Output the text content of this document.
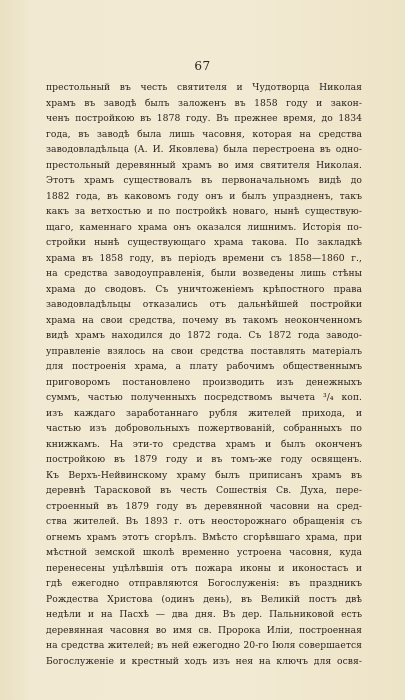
67
престольный въ честь святителя и Чудотворца Николая
храмъ въ заводѣ былъ заложенъ въ 1858 году и закон-
ченъ постройкою въ 1878 году. Въ прежнее время, до 1834
года, въ заводѣ была лишь часовня, которая на средства
заводовладѣльца (А. И. Яковлева) была перестроена въ одно-
престольный деревянный храмъ во имя святителя Николая.
Этотъ храмъ существовалъ въ первоначальномъ видѣ до
1882 года, въ каковомъ году онъ и былъ упраздненъ, такъ
какъ за ветхостью и по постройкѣ новаго, нынѣ существую-
щаго, каменнаго храма онъ оказался лишнимъ. Исторія по-
стройки нынѣ существующаго храма такова. По закладкѣ
храма въ 1858 году, въ періодъ времени съ 1858—1860 г.,
на средства заводоуправленія, были возведены лишь стѣны
храма до сводовъ. Съ уничтоженіемъ крѣпостного права
заводовладѣльцы отказались отъ дальнѣйшей постройки
храма на свои средства, почему въ такомъ неоконченномъ
видѣ храмъ находился до 1872 года. Съ 1872 года заводо-
управленіе взялось на свои средства поставлять матеріалъ
для построенія храма, а плату рабочимъ общественнымъ
приговоромъ постановлено производить изъ денежныхъ
суммъ, частью полученныхъ посредствомъ вычета ³/₄ коп.
изъ каждаго заработаннаго рубля жителей прихода, и
частью изъ добровольныхъ пожертвованій, собранныхъ по
книжкамъ. На эти-то средства храмъ и былъ оконченъ
постройкою въ 1879 году и въ томъ-же году освященъ.
Къ Верхъ-Нейвинскому храму былъ приписанъ храмъ въ
деревнѣ Тарасковой въ честь Сошествія Св. Духа, пере-
строенный въ 1879 году въ деревянной часовни на сред-
ства жителей. Въ 1893 г. отъ неосторожнаго обращенія съ
огнемъ храмъ этотъ сгорѣлъ. Вмѣсто сгорѣвшаго храма, при
мѣстной земской школѣ временно устроена часовня, куда
перенесены уцѣлѣвшія отъ пожара иконы и иконостасъ и
гдѣ ежегодно отправляются Богослуженія: въ праздникъ
Рождества Христова (одинъ день), въ Великій постъ двѣ
недѣли и на Пасхѣ — два дня. Въ дер. Пальниковой есть
деревянная часовня во имя св. Пророка Иліи, построенная
на средства жителей; въ ней ежегодно 20-го Іюля совершается
Богослуженіе и крестный ходъ изъ нея на ключъ для освя-
